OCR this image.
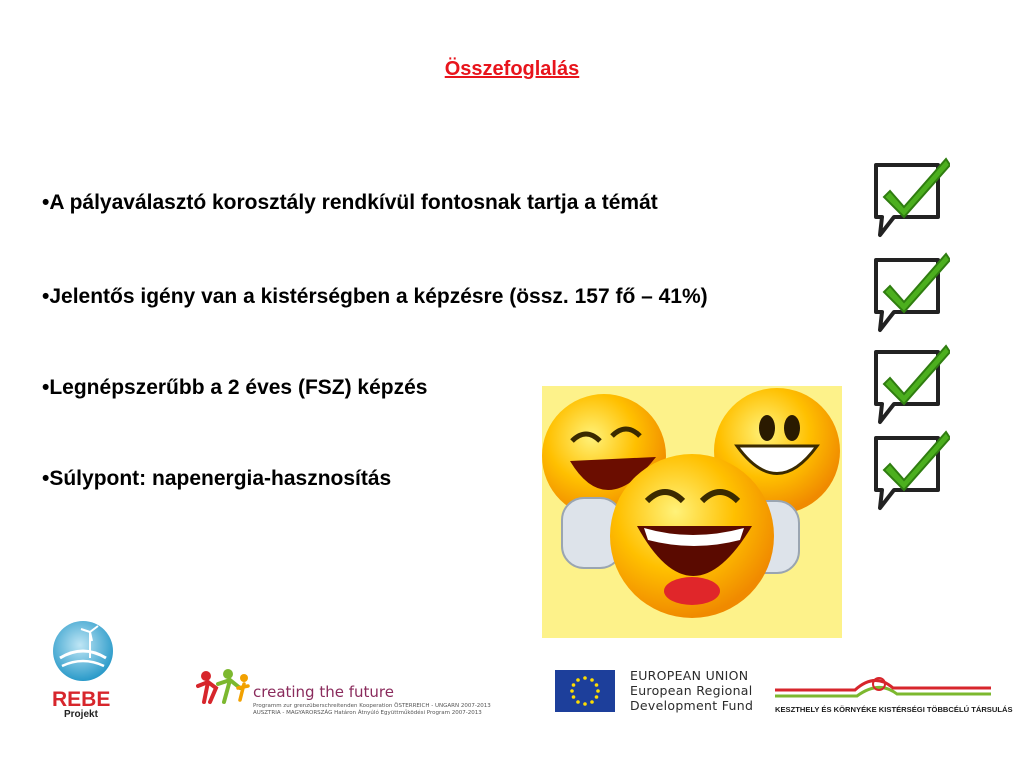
Összefoglalás
•A pályaválasztó korosztály rendkívül fontosnak tartja a témát
•Jelentős igény van a kistérségben a képzésre (össz. 157 fő – 41%)
•Legnépszerűbb a 2 éves (FSZ) képzés
•Súlypont: napenergia-hasznosítás
REBE
Projekt
creating the future
Programm zur grenzüberschreitenden Kooperation ÖSTERREICH - UNGARN 2007-2013
AUSZTRIA - MAGYARORSZÁG Határon Átnyúló Együttműködési Program 2007-2013
EUROPEAN UNION
European Regional
Development Fund	KESZTHELY ÉS KÖRNYÉKE KISTÉRSÉGI TÖBBCÉLÚ TÁRSULÁS
